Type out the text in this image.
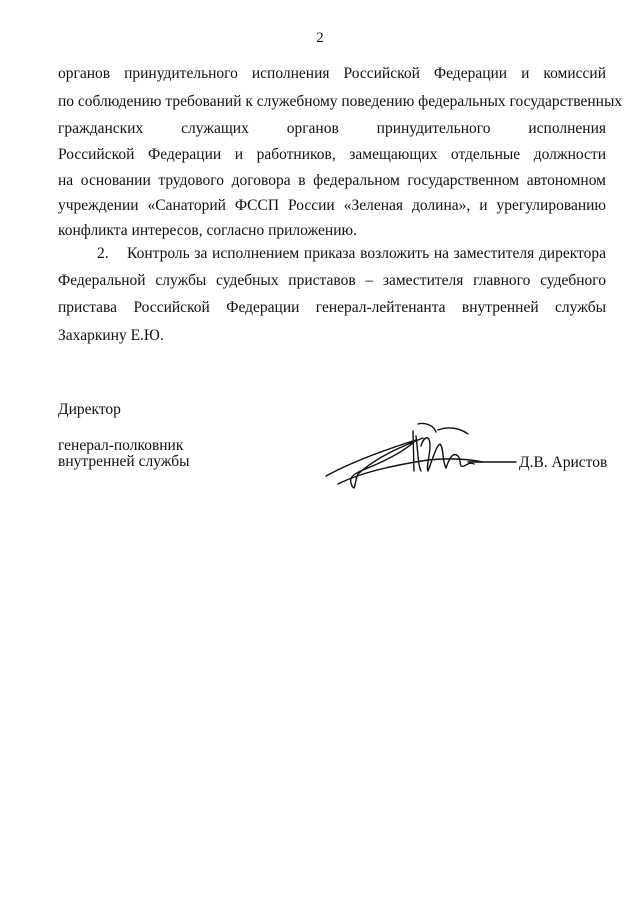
2
органов принудительного исполнения Российской Федерации и комиссий
по соблюдению требований к служебному поведению федеральных государственных
гражданских служащих органов принудительного исполнения
Российской Федерации и работников, замещающих отдельные должности
на основании трудового договора в федеральном государственном автономном
учреждении «Санаторий ФССП России «Зеленая долина», и урегулированию
конфликта интересов, согласно приложению.
2. Контроль за исполнением приказа возложить на заместителя директора
Федеральной службы судебных приставов – заместителя главного судебного
пристава Российской Федерации генерал-лейтенанта внутренней службы
Захаркину Е.Ю.
Директор
генерал-полковник
внутренней службы	Д.В. Аристов
